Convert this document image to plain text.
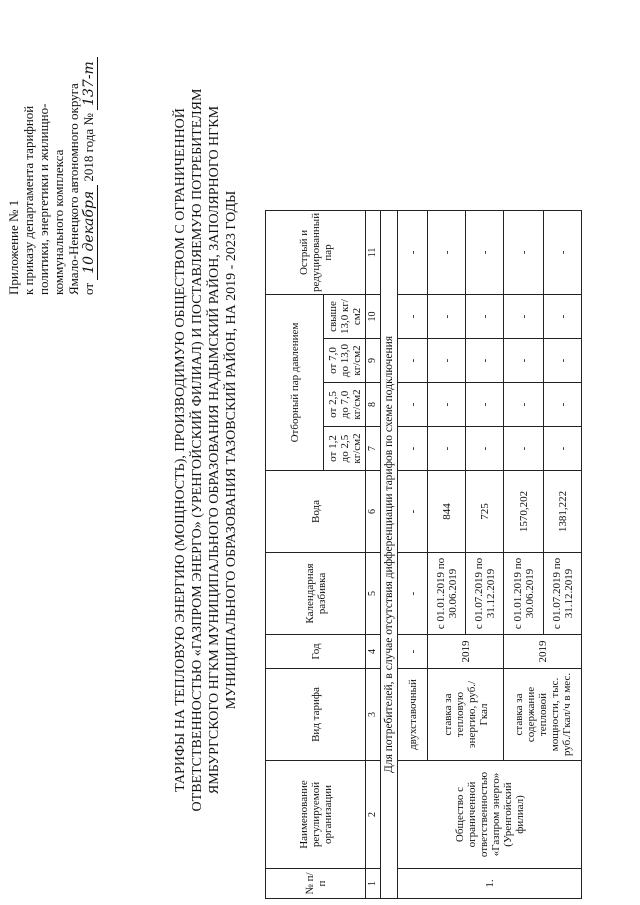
Приложение № 1 к приказу департамента тарифной политики, энергетики и жилищно- коммунального комплекса Ямало-Ненецкого автономного округа от 10 декабря 2018 года № 137-т
ТАРИФЫ НА ТЕПЛОВУЮ ЭНЕРГИЮ (МОЩНОСТЬ), ПРОИЗВОДИМУЮ ОБЩЕСТВОМ С ОГРАНИЧЕННОЙ ОТВЕТСТВЕННОСТЬЮ «ГАЗПРОМ ЭНЕРГО» (УРЕНГОЙСКИЙ ФИЛИАЛ) И ПОСТАВЛЯЕМУЮ ПОТРЕБИТЕЛЯМ ЯМБУРГСКОГО НГКМ МУНИЦИПАЛЬНОГО ОБРАЗОВАНИЯ НАДЫМСКИЙ РАЙОН, ЗАПОЛЯРНОГО НГКМ МУНИЦИПАЛЬНОГО ОБРАЗОВАНИЯ ТАЗОВСКИЙ РАЙОН, НА 2019 - 2023 ГОДЫ
№ п/п	Наименование регулируемой организации	Вид тарифа	Год	Календарная разбивка	Вода	Отборный пар давлением				Острый и редуцированный пар
						от 1,2 до 2,5 кг/см2	от 2,5 до 7,0 кг/см2	от 7,0 до 13,0 кг/см2	свыше 13,0 кг/см2	
1	2	3	4	5	6	7	8	9	10	11
Для потребителей, в случае отсутствия дифференциации тарифов по схеме подключения										
1.	Общество с ограниченной ответственностью «Газпром энерго» (Уренгойский филиал)	двухставочный	-	-	-	-	-	-	-	-
		ставка за тепловую энергию, руб./Гкал	2019	с 01.01.2019 по 30.06.2019	844	-	-	-	-	-
				с 01.07.2019 по 31.12.2019	725	-	-	-	-	-
		ставка за содержание тепловой мощности, тыс. руб./Гкал/ч в мес.	2019	с 01.01.2019 по 30.06.2019	1570,202	-	-	-	-	-
				с 01.07.2019 по 31.12.2019	1381,222	-	-	-	-	-
